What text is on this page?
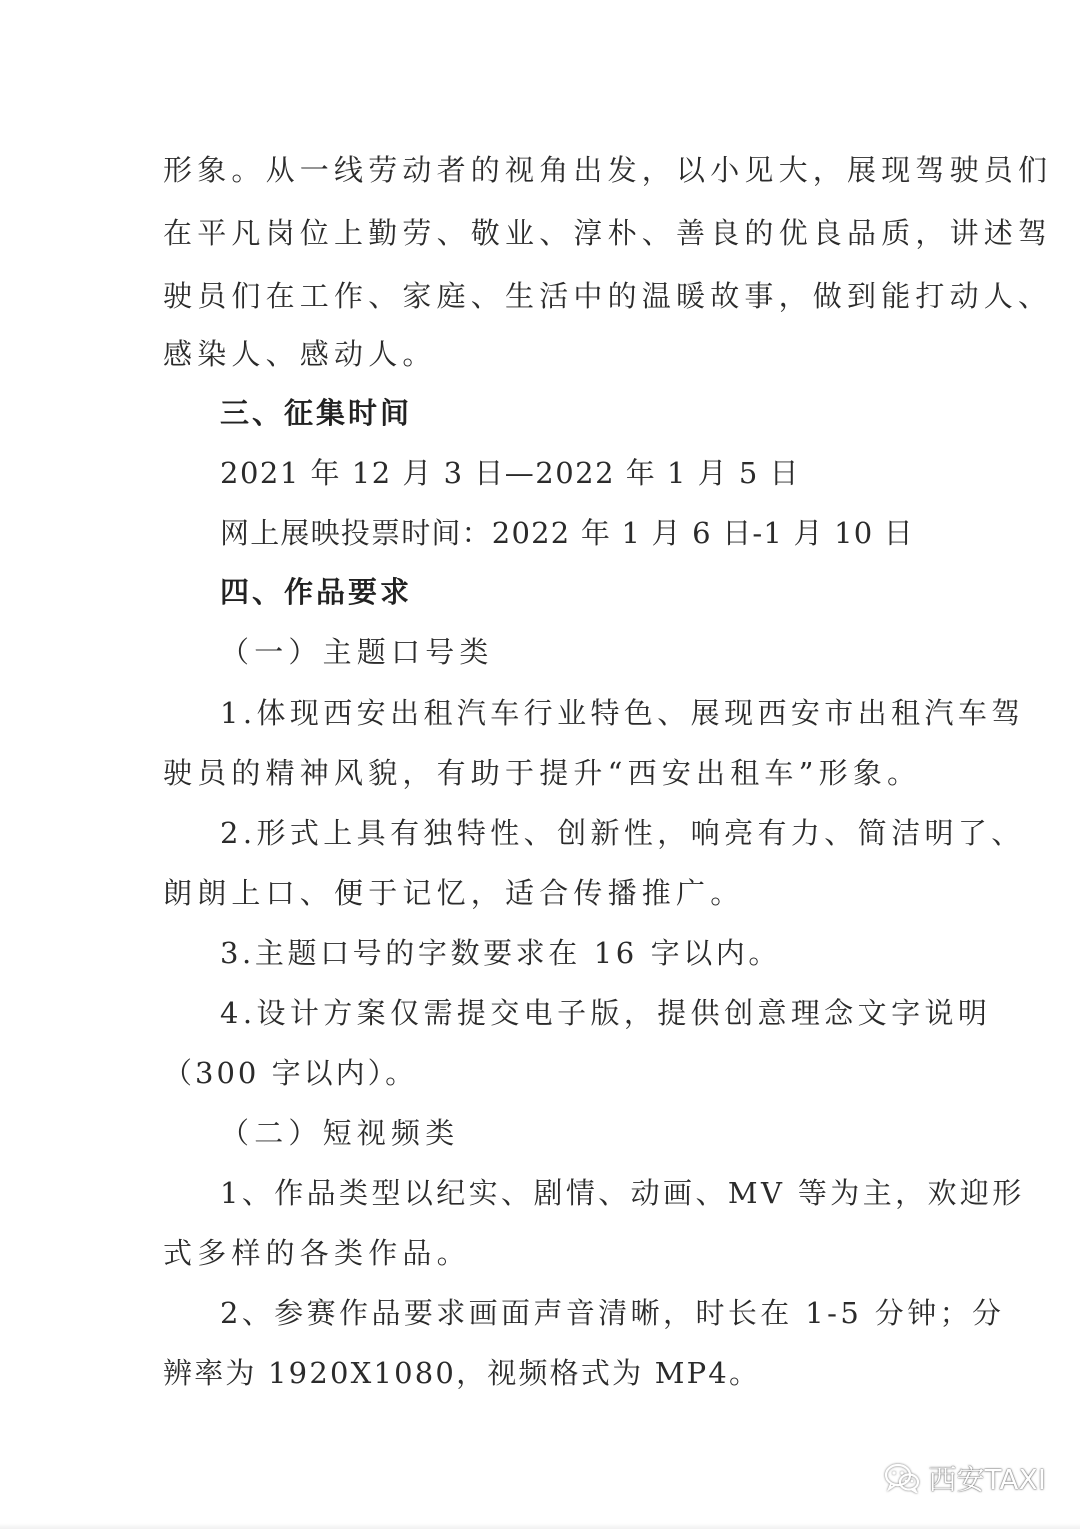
形象。从一线劳动者的视角出发，以小见大，展现驾驶员们
在平凡岗位上勤劳、敬业、淳朴、善良的优良品质，讲述驾
驶员们在工作、家庭、生活中的温暖故事，做到能打动人、
感染人、感动人。
三、征集时间
2021 年 12 月 3 日—2022 年 1 月 5 日
网上展映投票时间：2022 年 1 月 6 日-1 月 10 日
四、作品要求
（一）主题口号类
1.体现西安出租汽车行业特色、展现西安市出租汽车驾
驶员的精神风貌，有助于提升“西安出租车”形象。
2.形式上具有独特性、创新性，响亮有力、简洁明了、
朗朗上口、便于记忆，适合传播推广。
3.主题口号的字数要求在 16 字以内。
4.设计方案仅需提交电子版，提供创意理念文字说明
（300 字以内）。
（二）短视频类
1、作品类型以纪实、剧情、动画、MV 等为主，欢迎形
式多样的各类作品。
2、参赛作品要求画面声音清晰，时长在 1-5 分钟；分
辨率为 1920X1080，视频格式为 MP4。
西安TAXI
